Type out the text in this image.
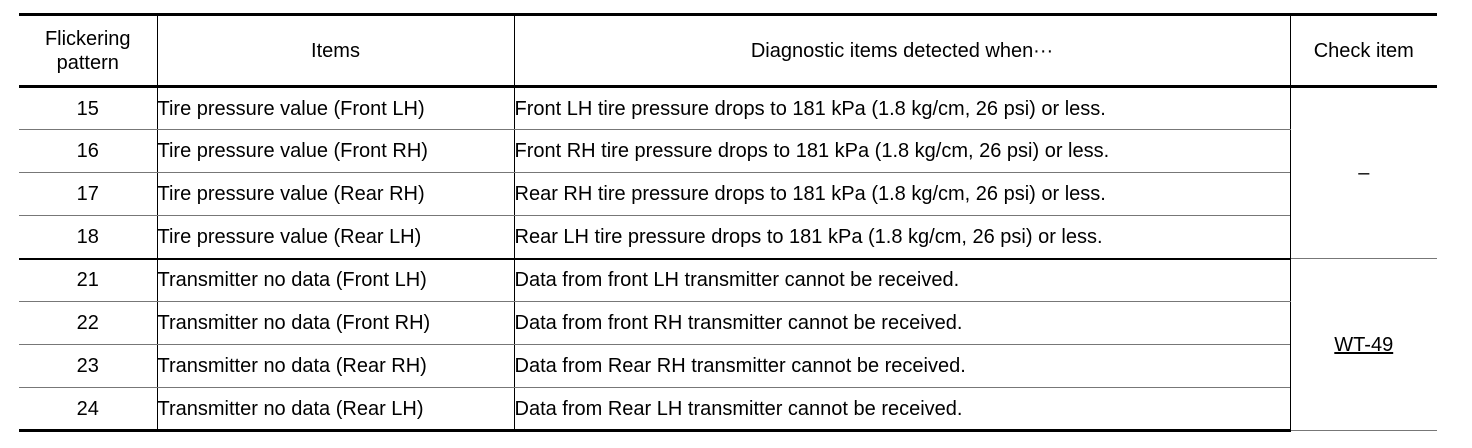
Flickering
pattern	Items	Diagnostic items detected when···	Check item
15	Tire pressure value (Front LH)	Front LH tire pressure drops to 181 kPa (1.8 kg/cm, 26 psi) or less.	–
16	Tire pressure value (Front RH)	Front RH tire pressure drops to 181 kPa (1.8 kg/cm, 26 psi) or less.	
17	Tire pressure value (Rear RH)	Rear RH tire pressure drops to 181 kPa (1.8 kg/cm, 26 psi) or less.	
18	Tire pressure value (Rear LH)	Rear LH tire pressure drops to 181 kPa (1.8 kg/cm, 26 psi) or less.	
21	Transmitter no data (Front LH)	Data from front LH transmitter cannot be received.	WT-49
22	Transmitter no data (Front RH)	Data from front RH transmitter cannot be received.	
23	Transmitter no data (Rear RH)	Data from Rear RH transmitter cannot be received.	
24	Transmitter no data (Rear LH)	Data from Rear LH transmitter cannot be received.	
